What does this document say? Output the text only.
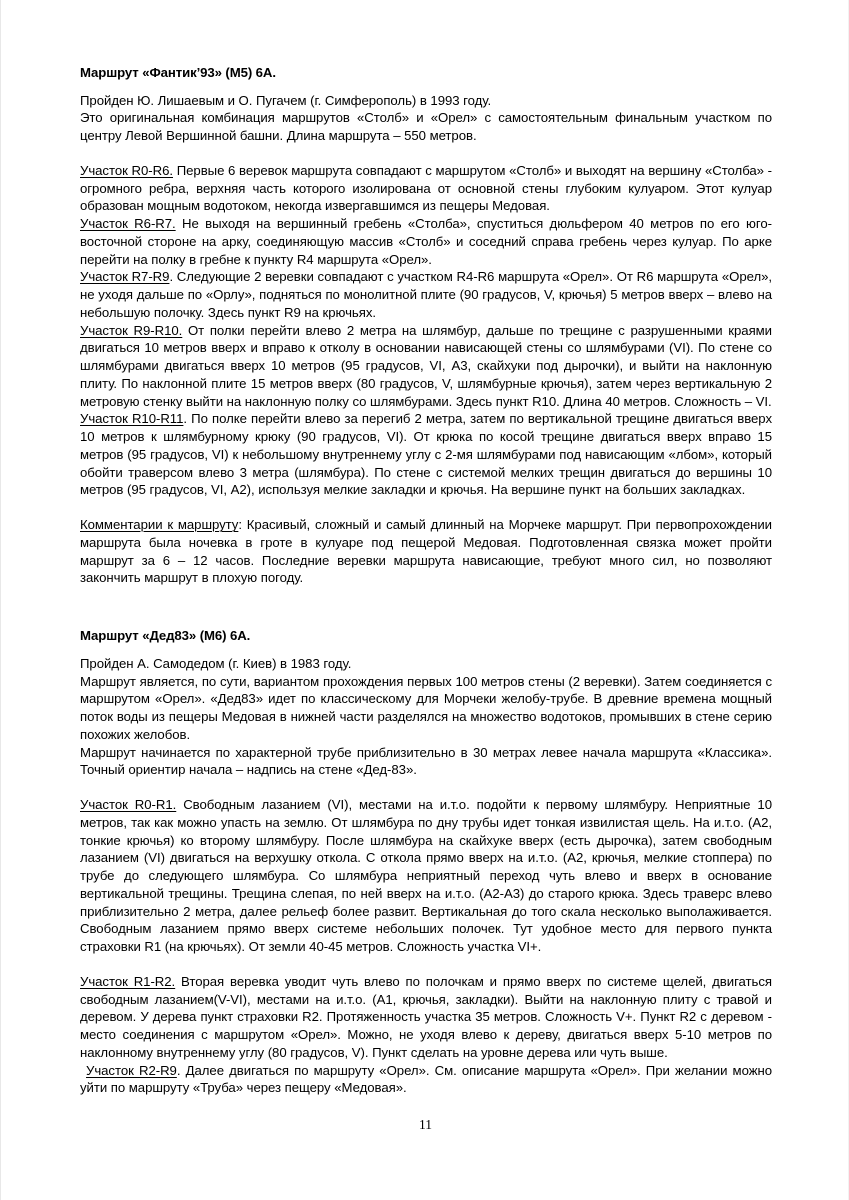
Маршрут «Фантик’93» (М5) 6А.

Пройден Ю. Лишаевым и О. Пугачем (г. Симферополь) в 1993 году.

Это оригинальная комбинация маршрутов «Столб» и «Орел» с самостоятельным финальным участком по центру Левой Вершинной башни. Длина маршрута – 550 метров.

Участок R0-R6. Первые 6 веревок маршрута совпадают с маршрутом «Столб» и выходят на вершину «Столба» - огромного ребра, верхняя часть которого изолирована от основной стены глубоким кулуаром. Этот кулуар образован мощным водотоком, некогда извергавшимся из пещеры Медовая.

Участок R6-R7. Не выходя на вершинный гребень «Столба», спуститься дюльфером 40 метров по его юго-восточной стороне на арку, соединяющую массив «Столб» и соседний справа гребень через кулуар. По арке перейти на полку в гребне к пункту R4 маршрута «Орел».

Участок R7-R9. Следующие 2 веревки совпадают с участком R4-R6 маршрута «Орел». От R6 маршрута «Орел», не уходя дальше по «Орлу», подняться по монолитной плите (90 градусов, V, крючья) 5 метров вверх – влево на небольшую полочку. Здесь пункт R9 на крючьях.

Участок R9-R10. От полки перейти влево 2 метра на шлямбур, дальше по трещине с разрушенными краями двигаться 10 метров вверх и вправо к отколу в основании нависающей стены со шлямбурами (VI). По стене со шлямбурами двигаться вверх 10 метров (95 градусов, VI, А3, скайхуки под дырочки), и выйти на наклонную плиту. По наклонной плите 15 метров вверх (80 градусов, V, шлямбурные крючья), затем через вертикальную 2 метровую стенку выйти на наклонную полку со шлямбурами. Здесь пункт R10. Длина 40 метров. Сложность – VI.

Участок R10-R11. По полке перейти влево за перегиб 2 метра, затем по вертикальной трещине двигаться вверх 10 метров к шлямбурному крюку (90 градусов, VI). От крюка по косой трещине двигаться вверх вправо 15 метров (95 градусов, VI) к небольшому внутреннему углу с 2-мя шлямбурами под нависающим «лбом», который обойти траверсом влево 3 метра (шлямбура). По стене с системой мелких трещин двигаться до вершины 10 метров (95 градусов, VI, А2), используя мелкие закладки и крючья. На вершине пункт на больших закладках.

Комментарии к маршруту: Красивый, сложный и самый длинный на Морчеке маршрут. При первопрохождении маршрута была ночевка в гроте в кулуаре под пещерой Медовая. Подготовленная связка может пройти маршрут за 6 – 12 часов. Последние веревки маршрута нависающие, требуют много сил, но позволяют закончить маршрут в плохую погоду.

Маршрут «Дед83» (М6) 6А.

Пройден А. Самодедом (г. Киев) в 1983 году.

Маршрут является, по сути, вариантом прохождения первых 100 метров стены (2 веревки). Затем соединяется с маршрутом «Орел». «Дед83» идет по классическому для Морчеки желобу-трубе. В древние времена мощный поток воды из пещеры Медовая в нижней части разделялся на множество водотоков, промывших в стене серию похожих желобов.

Маршрут начинается по характерной трубе приблизительно в 30 метрах левее начала маршрута «Классика». Точный ориентир начала – надпись на стене «Дед-83».

Участок R0-R1. Свободным лазанием (VI), местами на и.т.о. подойти к первому шлямбуру. Неприятные 10 метров, так как можно упасть на землю. От шлямбура по дну трубы идет тонкая извилистая щель. На и.т.о. (А2, тонкие крючья) ко второму шлямбуру. После шлямбура на скайхуке вверх (есть дырочка), затем свободным лазанием (VI) двигаться на верхушку откола. С откола прямо вверх на и.т.о. (А2, крючья, мелкие стоппера) по трубе до следующего шлямбура. Со шлямбура неприятный переход чуть влево и вверх в основание вертикальной трещины. Трещина слепая, по ней вверх на и.т.о. (А2-А3) до старого крюка. Здесь траверс влево приблизительно 2 метра, далее рельеф более развит. Вертикальная до того скала несколько выполаживается. Свободным лазанием прямо вверх системе небольших полочек. Тут удобное место для первого пункта страховки R1 (на крючьях). От земли 40-45 метров. Сложность участка VI+.

Участок R1-R2. Вторая веревка уводит чуть влево по полочкам и прямо вверх по системе щелей, двигаться свободным лазанием(V-VI), местами на и.т.о. (А1, крючья, закладки). Выйти на наклонную плиту с травой и деревом. У дерева пункт страховки R2. Протяженность участка 35 метров. Сложность V+. Пункт R2 с деревом - место соединения с маршрутом «Орел». Можно, не уходя влево к дереву, двигаться вверх 5-10 метров по наклонному внутреннему углу (80 градусов, V). Пункт сделать на уровне дерева или чуть выше.

Участок R2-R9. Далее двигаться по маршруту «Орел». См. описание маршрута «Орел». При желании можно уйти по маршруту «Труба» через пещеру «Медовая».

11
